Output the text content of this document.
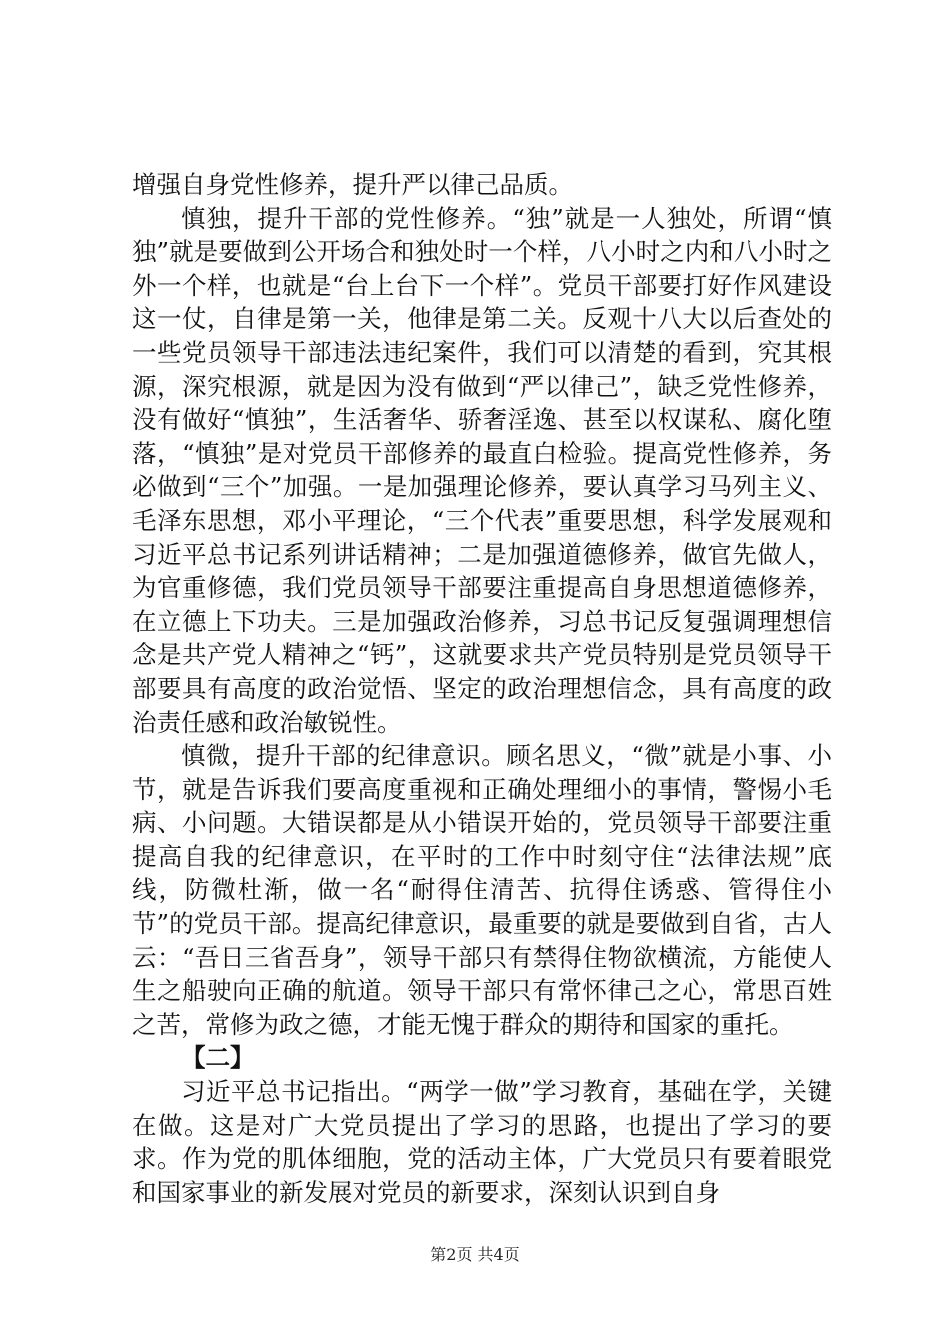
增强自身党性修养，提升严以律己品质。

慎独，提升干部的党性修养。“独”就是一人独处，所谓“慎独”就是要做到公开场合和独处时一个样，八小时之内和八小时之外一个样，也就是“台上台下一个样”。党员干部要打好作风建设这一仗，自律是第一关，他律是第二关。反观十八大以后查处的一些党员领导干部违法违纪案件，我们可以清楚的看到，究其根源，深究根源，就是因为没有做到“严以律己”，缺乏党性修养，没有做好“慎独”，生活奢华、骄奢淫逸、甚至以权谋私、腐化堕落，“慎独”是对党员干部修养的最直白检验。提高党性修养，务必做到“三个”加强。一是加强理论修养，要认真学习马列主义、毛泽东思想，邓小平理论，“三个代表”重要思想，科学发展观和习近平总书记系列讲话精神；二是加强道德修养，做官先做人，为官重修德，我们党员领导干部要注重提高自身思想道德修养，在立德上下功夫。三是加强政治修养，习总书记反复强调理想信念是共产党人精神之“钙”，这就要求共产党员特别是党员领导干部要具有高度的政治觉悟、坚定的政治理想信念，具有高度的政治责任感和政治敏锐性。

慎微，提升干部的纪律意识。顾名思义，“微”就是小事、小节，就是告诉我们要高度重视和正确处理细小的事情，警惕小毛病、小问题。大错误都是从小错误开始的，党员领导干部要注重提高自我的纪律意识，在平时的工作中时刻守住“法律法规”底线，防微杜渐，做一名“耐得住清苦、抗得住诱惑、管得住小节”的党员干部。提高纪律意识，最重要的就是要做到自省，古人云：“吾日三省吾身”，领导干部只有禁得住物欲横流，方能使人生之船驶向正确的航道。领导干部只有常怀律己之心，常思百姓之苦，常修为政之德，才能无愧于群众的期待和国家的重托。

【二】

习近平总书记指出。“两学一做”学习教育，基础在学，关键在做。这是对广大党员提出了学习的思路，也提出了学习的要求。作为党的肌体细胞，党的活动主体，广大党员只有要着眼党和国家事业的新发展对党员的新要求，深刻认识到自身

第2页 共4页
